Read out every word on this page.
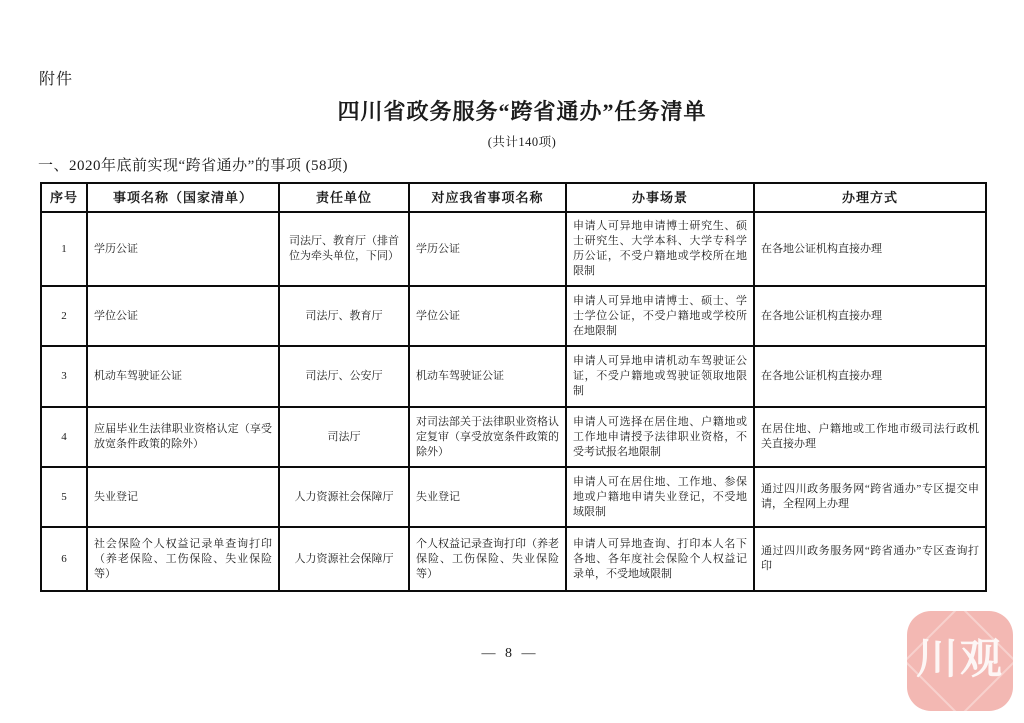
附件
四川省政务服务“跨省通办”任务清单
(共计140项)
一、2020年底前实现“跨省通办”的事项 (58项)
序号	事项名称（国家清单）	责任单位	对应我省事项名称	办事场景	办理方式
1	学历公证	司法厅、教育厅（排首位为牵头单位，下同）	学历公证	申请人可异地申请博士研究生、硕士研究生、大学本科、大学专科学历公证，不受户籍地或学校所在地限制	在各地公证机构直接办理
2	学位公证	司法厅、教育厅	学位公证	申请人可异地申请博士、硕士、学士学位公证，不受户籍地或学校所在地限制	在各地公证机构直接办理
3	机动车驾驶证公证	司法厅、公安厅	机动车驾驶证公证	申请人可异地申请机动车驾驶证公证，不受户籍地或驾驶证领取地限制	在各地公证机构直接办理
4	应届毕业生法律职业资格认定（享受放宽条件政策的除外）	司法厅	对司法部关于法律职业资格认定复审（享受放宽条件政策的除外）	申请人可选择在居住地、户籍地或工作地申请授予法律职业资格，不受考试报名地限制	在居住地、户籍地或工作地市级司法行政机关直接办理
5	失业登记	人力资源社会保障厅	失业登记	申请人可在居住地、工作地、参保地或户籍地申请失业登记，不受地域限制	通过四川政务服务网“跨省通办”专区提交申请，全程网上办理
6	社会保险个人权益记录单查询打印（养老保险、工伤保险、失业保险等）	人力资源社会保障厅	个人权益记录查询打印（养老保险、工伤保险、失业保险等）	申请人可异地查询、打印本人名下各地、各年度社会保险个人权益记录单，不受地域限制	通过四川政务服务网“跨省通办”专区查询打印
— 8 —	川观
